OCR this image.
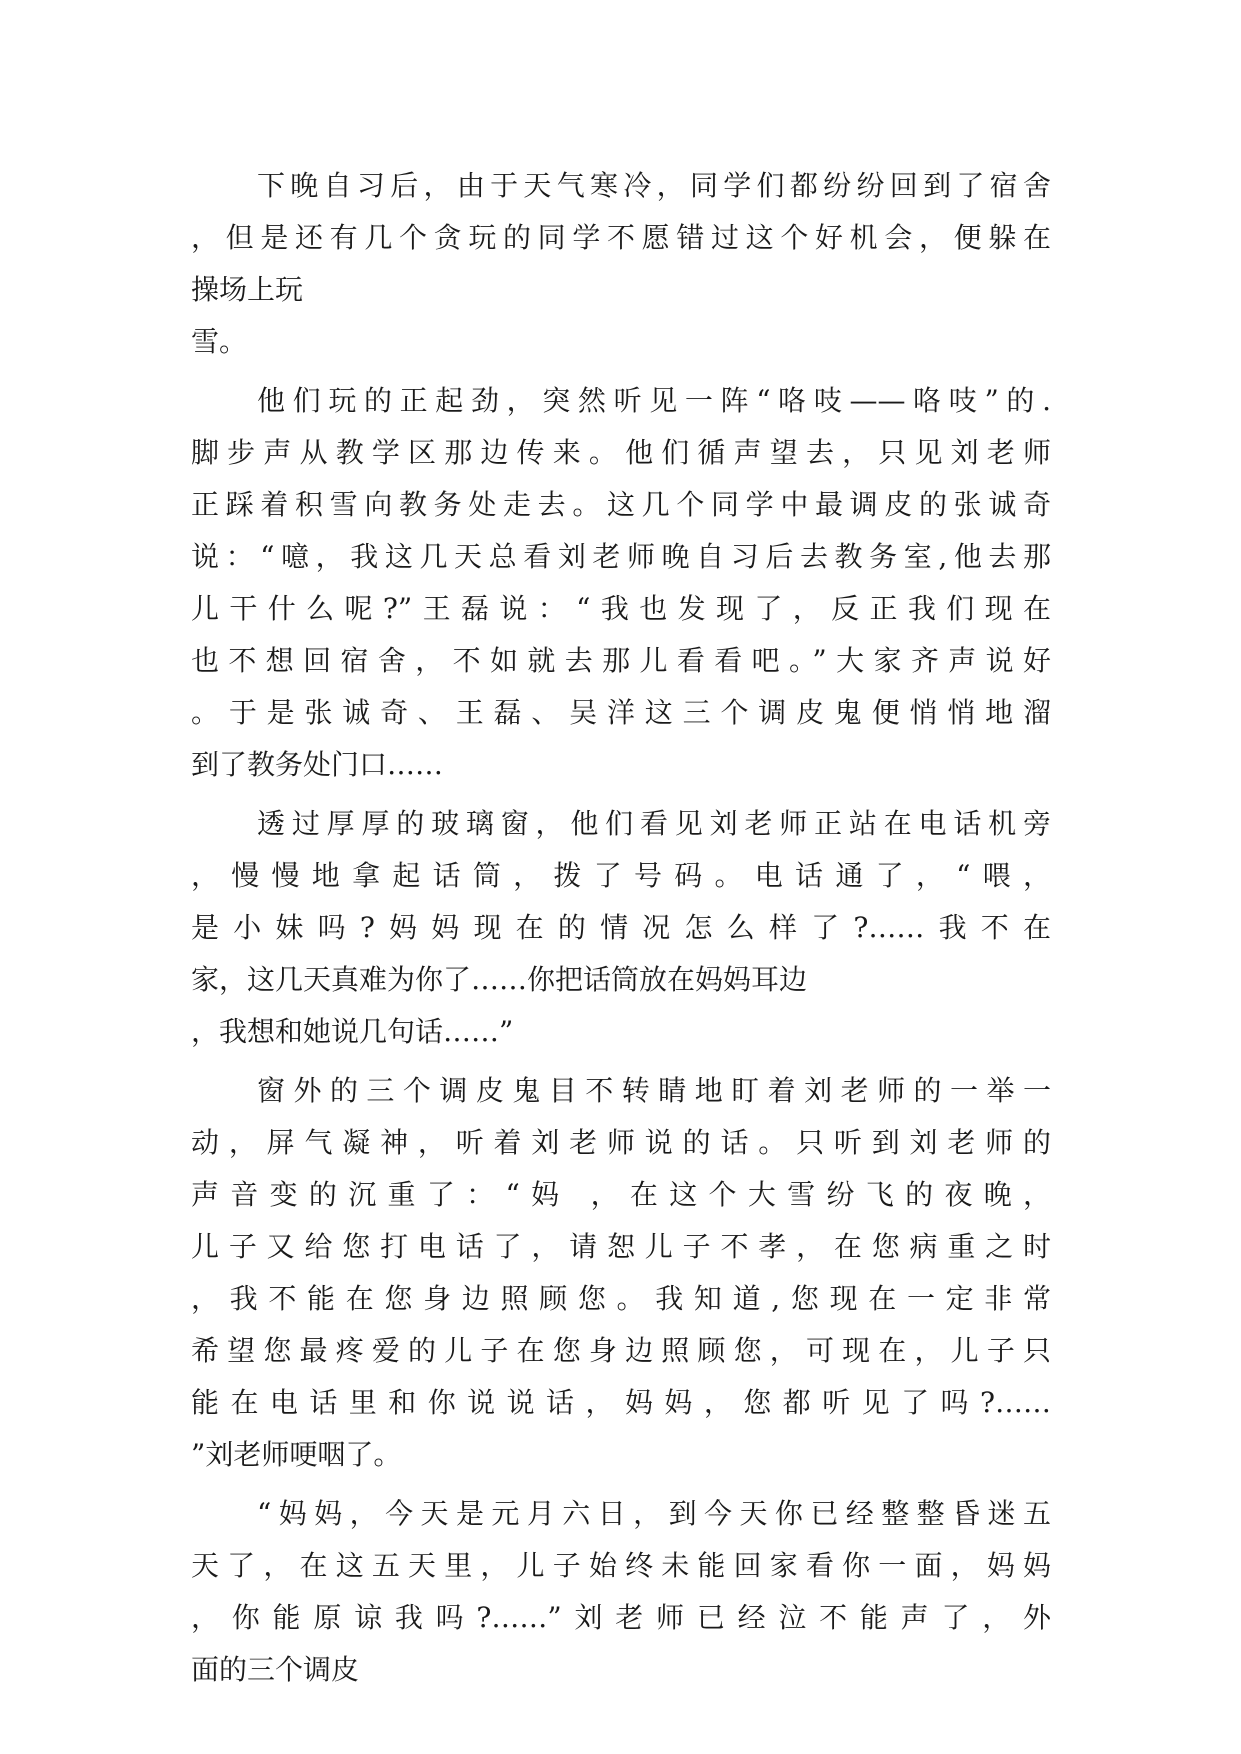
下晚自习后，由于天气寒冷，同学们都纷纷回到了宿舍
，但是还有几个贪玩的同学不愿错过这个好机会，便躲在
操场上玩
雪。

他们玩的正起劲，突然听见一阵“咯吱——咯吱”的.
脚步声从教学区那边传来。他们循声望去，只见刘老师
正踩着积雪向教务处走去。这几个同学中最调皮的张诚奇
说：“噫，我这几天总看刘老师晚自习后去教务室,他去那
儿干什么呢?”王磊说：“我也发现了，反正我们现在
也不想回宿舍，不如就去那儿看看吧。”大家齐声说好
。于是张诚奇、王磊、吴洋这三个调皮鬼便悄悄地溜
到了教务处门口……

透过厚厚的玻璃窗，他们看见刘老师正站在电话机旁
，慢慢地拿起话筒，拨了号码。电话通了，“喂，
是小妹吗?妈妈现在的情况怎么样了?……我不在
家，这几天真难为你了……你把话筒放在妈妈耳边
，我想和她说几句话……”

窗外的三个调皮鬼目不转睛地盯着刘老师的一举一
动，屏气凝神，听着刘老师说的话。只听到刘老师的
声音变的沉重了：“妈 ，在这个大雪纷飞的夜晚，
儿子又给您打电话了，请恕儿子不孝，在您病重之时
，我不能在您身边照顾您。我知道,您现在一定非常
希望您最疼爱的儿子在您身边照顾您，可现在，儿子只
能在电话里和你说说话，妈妈，您都听见了吗?……
”刘老师哽咽了。

“妈妈，今天是元月六日，到今天你已经整整昏迷五
天了，在这五天里，儿子始终未能回家看你一面，妈妈
，你能原谅我吗?……”刘老师已经泣不能声了，外
面的三个调皮
